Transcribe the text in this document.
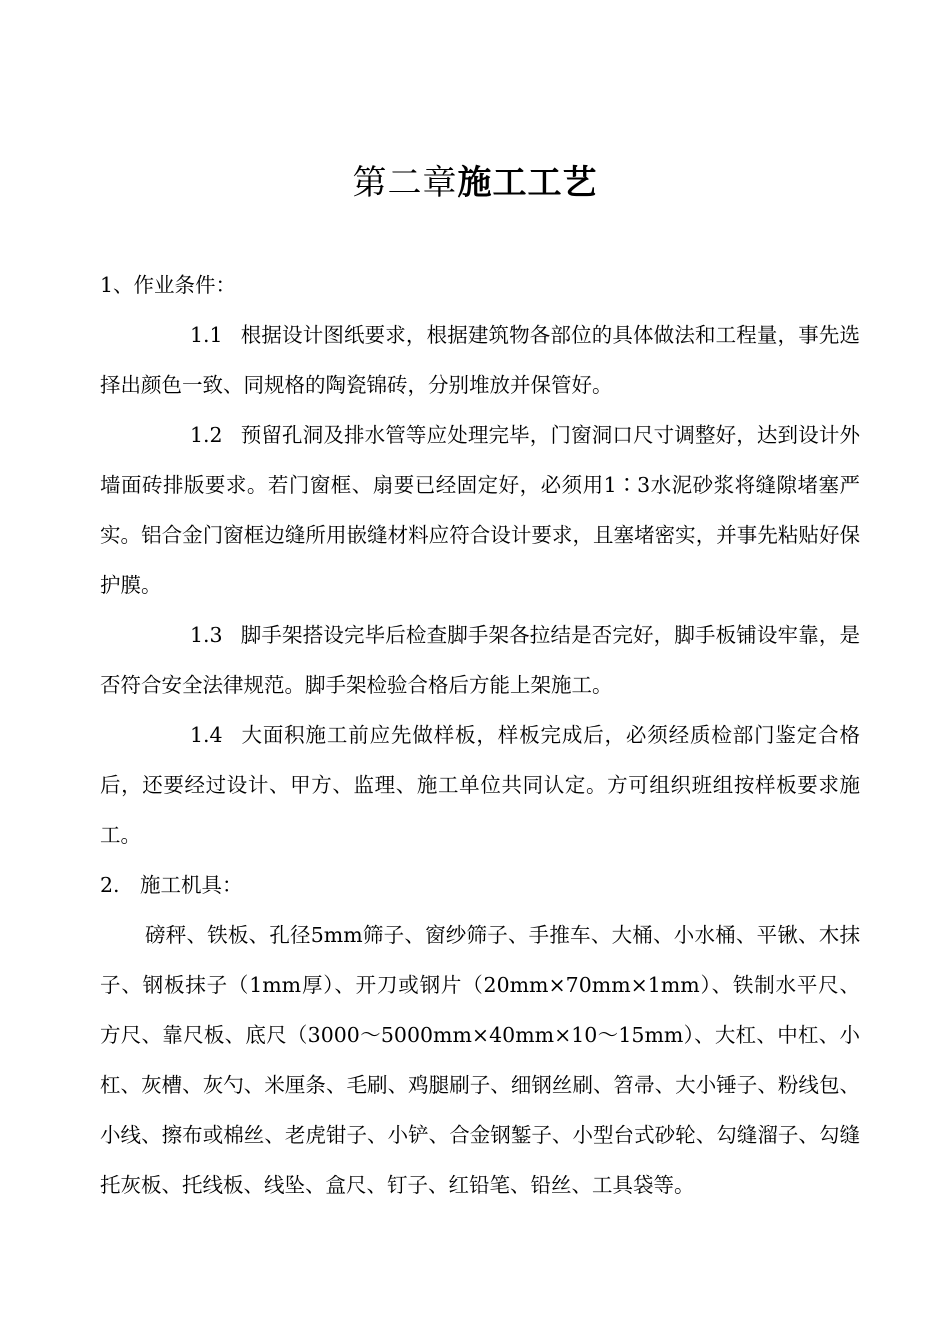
第二章施工工艺

1、作业条件：

1.1 根据设计图纸要求，根据建筑物各部位的具体做法和工程量，事先选择出颜色一致、同规格的陶瓷锦砖，分别堆放并保管好。

1.2 预留孔洞及排水管等应处理完毕，门窗洞口尺寸调整好，达到设计外墙面砖排版要求。若门窗框、扇要已经固定好，必须用1∶3水泥砂浆将缝隙堵塞严实。铝合金门窗框边缝所用嵌缝材料应符合设计要求，且塞堵密实，并事先粘贴好保护膜。

1.3 脚手架搭设完毕后检查脚手架各拉结是否完好，脚手板铺设牢靠，是否符合安全法律规范。脚手架检验合格后方能上架施工。

1.4 大面积施工前应先做样板，样板完成后，必须经质检部门鉴定合格后，还要经过设计、甲方、监理、施工单位共同认定。方可组织班组按样板要求施工。

2.　施工机具：

磅秤、铁板、孔径5mm筛子、窗纱筛子、手推车、大桶、小水桶、平锹、木抹子、钢板抹子（1mm厚）、开刀或钢片（20mm×70mm×1mm）、铁制水平尺、方尺、靠尺板、底尺（3000～5000mm×40mm×10～15mm）、大杠、中杠、小杠、灰槽、灰勺、米厘条、毛刷、鸡腿刷子、细钢丝刷、笤帚、大小锤子、粉线包、小线、擦布或棉丝、老虎钳子、小铲、合金钢錾子、小型台式砂轮、勾缝溜子、勾缝托灰板、托线板、线坠、盒尺、钉子、红铅笔、铅丝、工具袋等。
